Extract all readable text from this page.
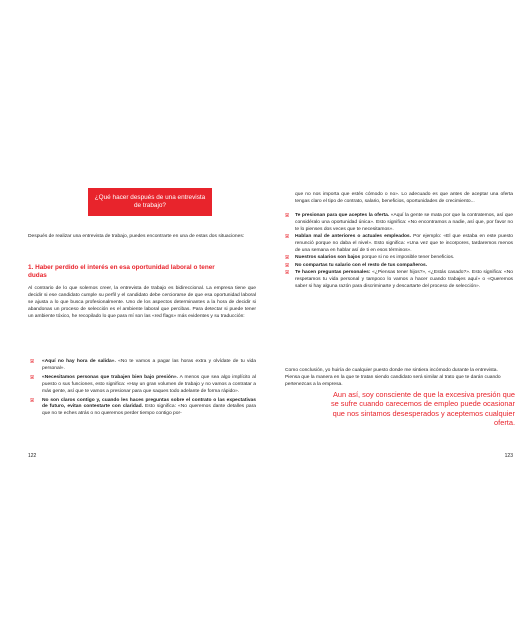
¿Qué hacer después de una entrevista de trabajo?
Después de realizar una entrevista de trabajo, puedes encontrarte en una de estas dos situaciones:
1. Haber perdido el interés en esa oportunidad laboral o tener dudas
Al contrario de lo que solemos creer, la entrevista de trabajo es bidireccional. La empresa tiene que decidir si ese candidato cumple su perfil y el candidato debe cerciorarse de que esa oportunidad laboral se ajusta a lo que busca profesionalmente. Uno de los aspectos determinantes a la hora de decidir si abandonas un proceso de selección es el ambiente laboral que percibas. Para detectar si puede tener un ambiente tóxico, he recopilado lo que para mí son las «red flags» más evidentes y su traducción:
ꕤ «Aquí no hay hora de salida». «No te vamos a pagar las horas extra y olvídate de tu vida personal».
ꕤ «Necesitamos personas que trabajen bien bajo presión». A menos que sea algo implícito al puesto o sus funciones, esto significa: «Hay un gran volumen de trabajo y no vamos a contratar a más gente, así que te vamos a presionar para que saques todo adelante de forma rápido».
ꕤ No son claros contigo y, cuando les haces preguntas sobre el contrato o las expectativas de futuro, evitan contestarte con claridad. Esto significa: «No queremos dante detalles para que no te eches atrás o no queremos perder tiempo contigo por-
122
que no nos importa que estés cómodo o no». Lo adecuado es que antes de aceptar una oferta tengas claro el tipo de contrato, salario, beneficios, oportunidades de crecimiento...
ꕤ Te presionan para que aceptes la oferta. «Aquí la gente se mata por que la contratemos, así que considéralo una oportunidad única». Esto significa: «No encontramos a nadie, así que, por favor no te lo pienses dos veces que te necesitamos».
ꕤ Hablan mal de anteriores o actuales empleados. Por ejemplo: «El que estaba en este puesto renunció porque no daba el nivel». Esto significa: «Una vez que te incorpores, tardaremos menos de una semana en hablar así de ti en esos términos».
ꕤ Nuestros salarios son bajos porque si no es imposible tener beneficios.
ꕤ No compartas tu salario con el resto de tus compañeros.
ꕤ Te hacen preguntas personales: «¿Piensas tener hijos?», «¿Estás casado?». Esto significa: «No respetamos tu vida personal y tampoco lo vamos a hacer cuando trabajes aquí» o «Queremos saber si hay alguna razón para discriminarte y descartarte del proceso de selección».
Como conclusión, yo huiría de cualquier puesto donde me sintiera incómodo durante la entrevista. Piensa que la manera en la que te tratan siendo candidato será similar al trato que te darán cuando pertenezcas a la empresa.
Aun así, soy consciente de que la excesiva presión que se sufre cuando carecemos de empleo puede ocasionar que nos sintamos desesperados y aceptemos cualquier oferta.
123
